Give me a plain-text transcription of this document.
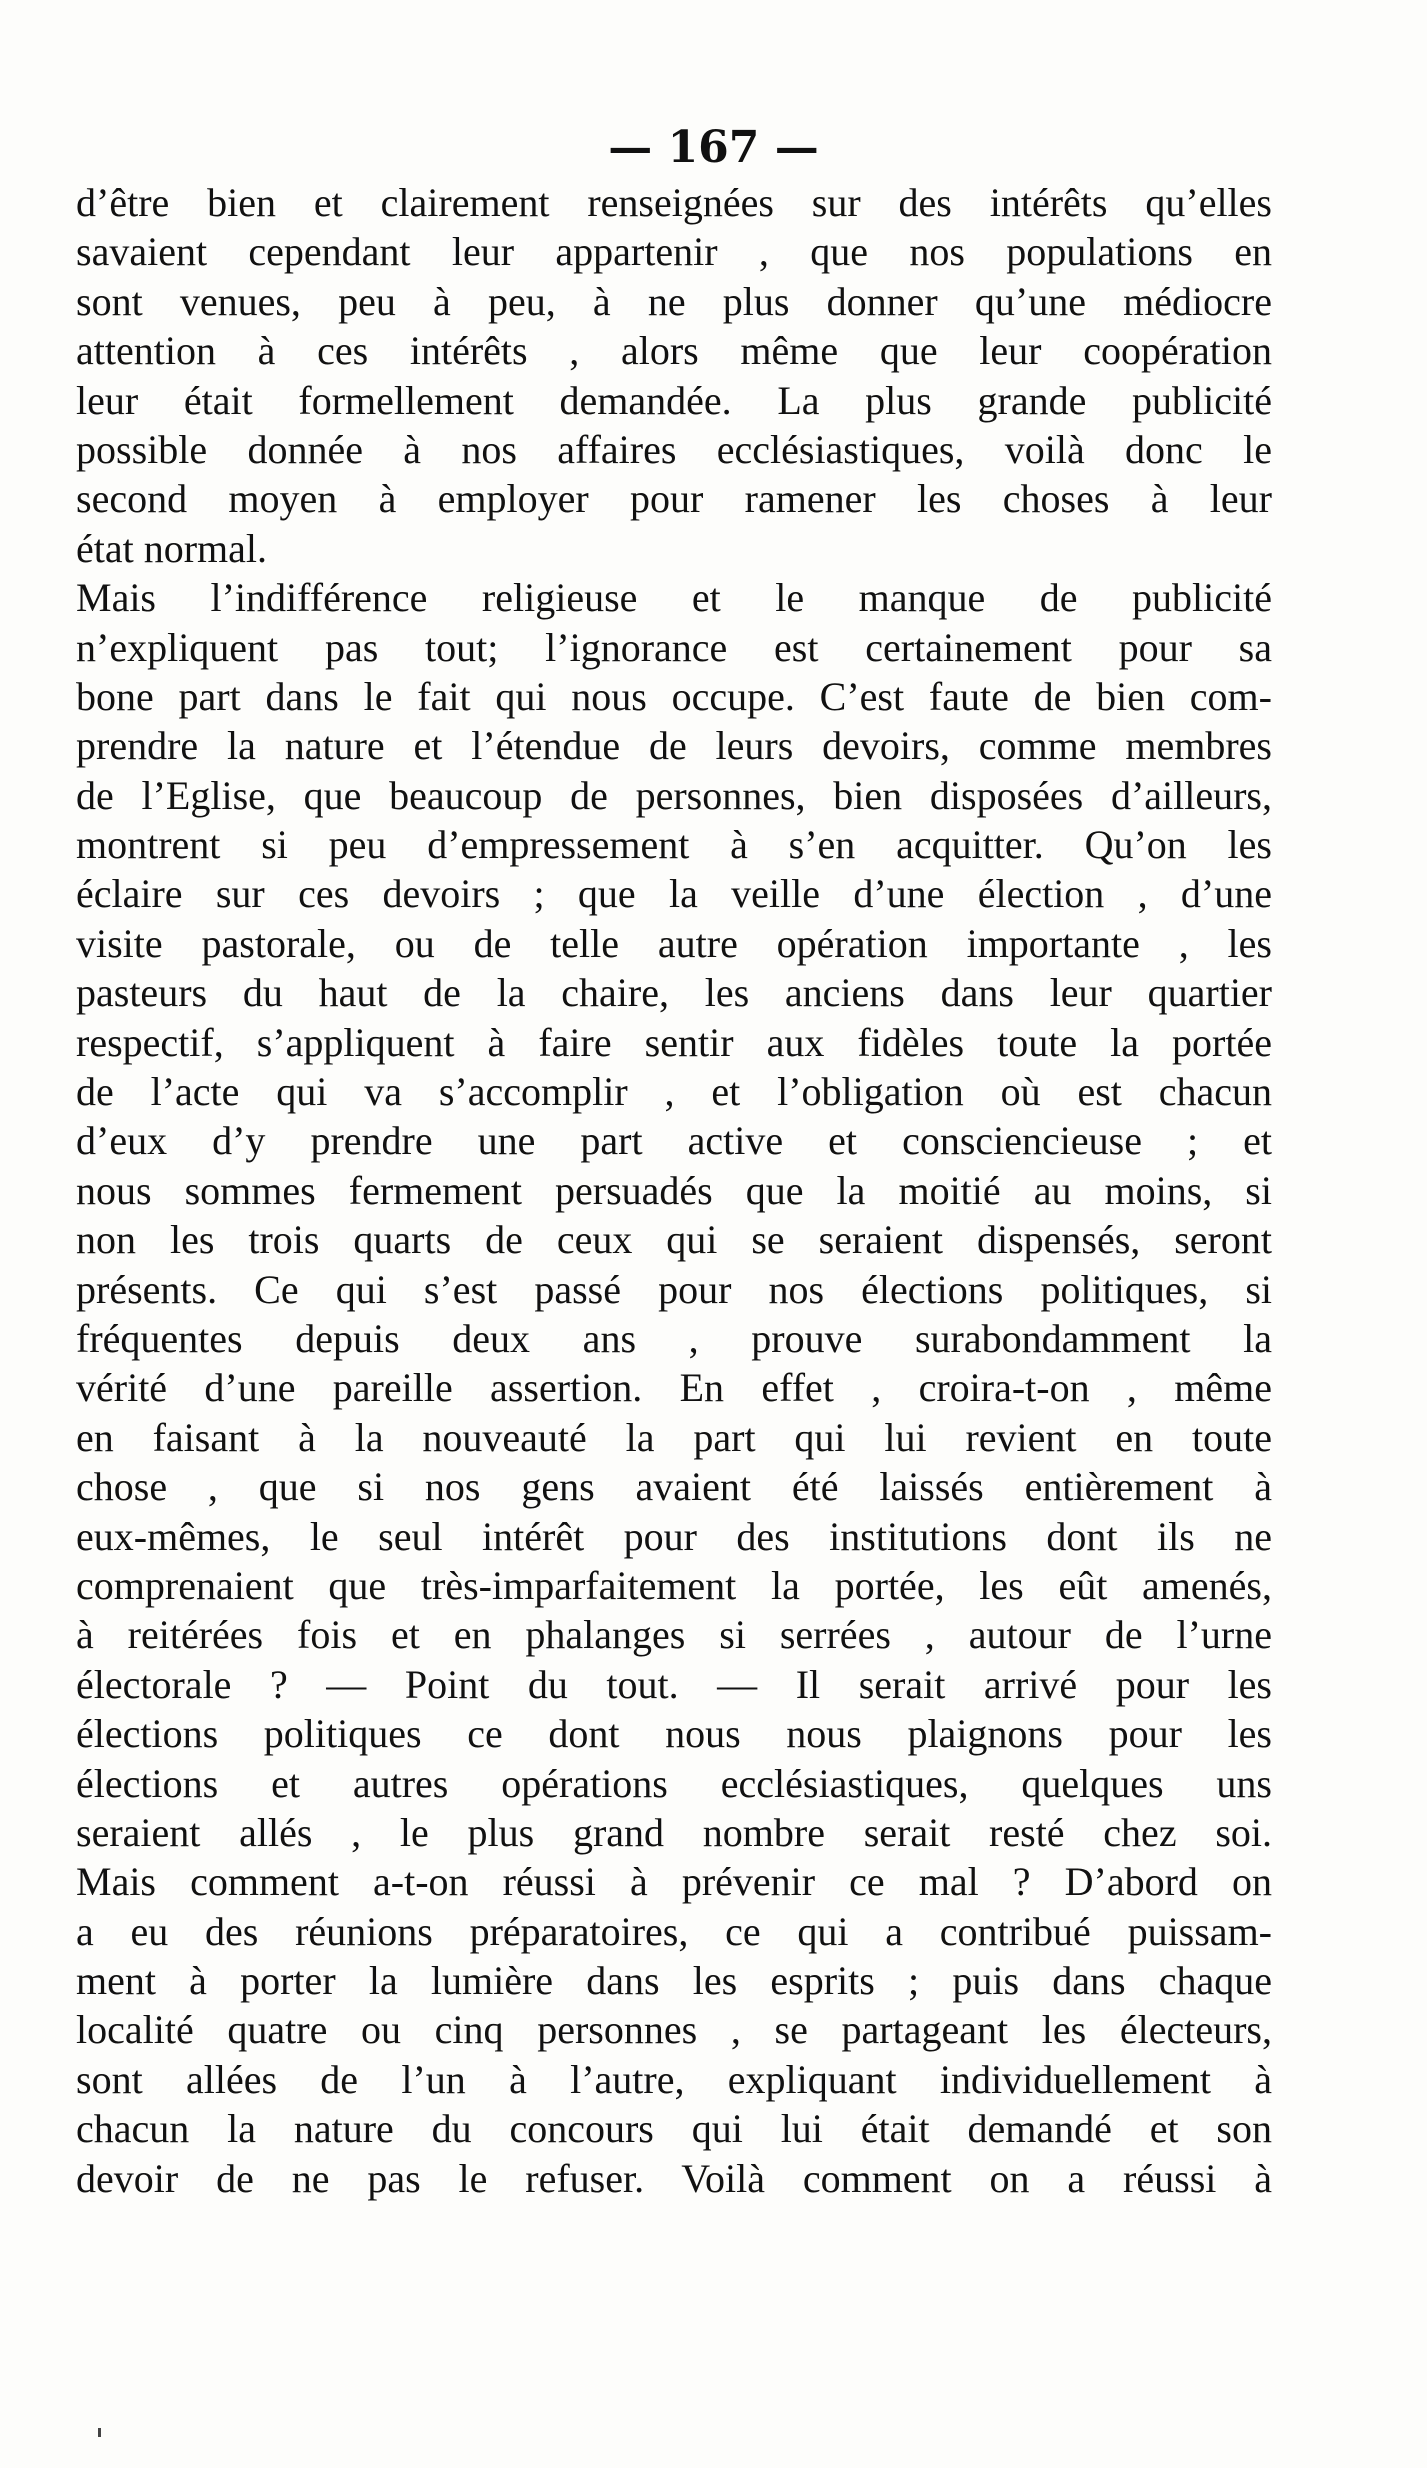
— 167 —
d’être bien et clairement renseignées sur des intérêts qu’elles
savaient cependant leur appartenir , que nos populations en
sont venues, peu à peu, à ne plus donner qu’une médiocre
attention à ces intérêts , alors même que leur coopération
leur était formellement demandée. La plus grande publicité
possible donnée à nos affaires ecclésiastiques, voilà donc le
second moyen à employer pour ramener les choses à leur
état normal.
Mais l’indifférence religieuse et le manque de publicité
n’expliquent pas tout; l’ignorance est certainement pour sa
bone part dans le fait qui nous occupe. C’est faute de bien com-
prendre la nature et l’étendue de leurs devoirs, comme membres
de l’Eglise, que beaucoup de personnes, bien disposées d’ailleurs,
montrent si peu d’empressement à s’en acquitter. Qu’on les
éclaire sur ces devoirs ; que la veille d’une élection , d’une
visite pastorale, ou de telle autre opération importante , les
pasteurs du haut de la chaire, les anciens dans leur quartier
respectif, s’appliquent à faire sentir aux fidèles toute la portée
de l’acte qui va s’accomplir , et l’obligation où est chacun
d’eux d’y prendre une part active et consciencieuse ; et
nous sommes fermement persuadés que la moitié au moins, si
non les trois quarts de ceux qui se seraient dispensés, seront
présents. Ce qui s’est passé pour nos élections politiques, si
fréquentes depuis deux ans , prouve surabondamment la
vérité d’une pareille assertion. En effet , croira-t-on , même
en faisant à la nouveauté la part qui lui revient en toute
chose , que si nos gens avaient été laissés entièrement à
eux-mêmes, le seul intérêt pour des institutions dont ils ne
comprenaient que très-imparfaitement la portée, les eût amenés,
à reitérées fois et en phalanges si serrées , autour de l’urne
électorale ? — Point du tout. — Il serait arrivé pour les
élections politiques ce dont nous nous plaignons pour les
élections et autres opérations ecclésiastiques, quelques uns
seraient allés , le plus grand nombre serait resté chez soi.
Mais comment a-t-on réussi à prévenir ce mal ? D’abord on
a eu des réunions préparatoires, ce qui a contribué puissam-
ment à porter la lumière dans les esprits ; puis dans chaque
localité quatre ou cinq personnes , se partageant les électeurs,
sont allées de l’un à l’autre, expliquant individuellement à
chacun la nature du concours qui lui était demandé et son
devoir de ne pas le refuser. Voilà comment on a réussi à
